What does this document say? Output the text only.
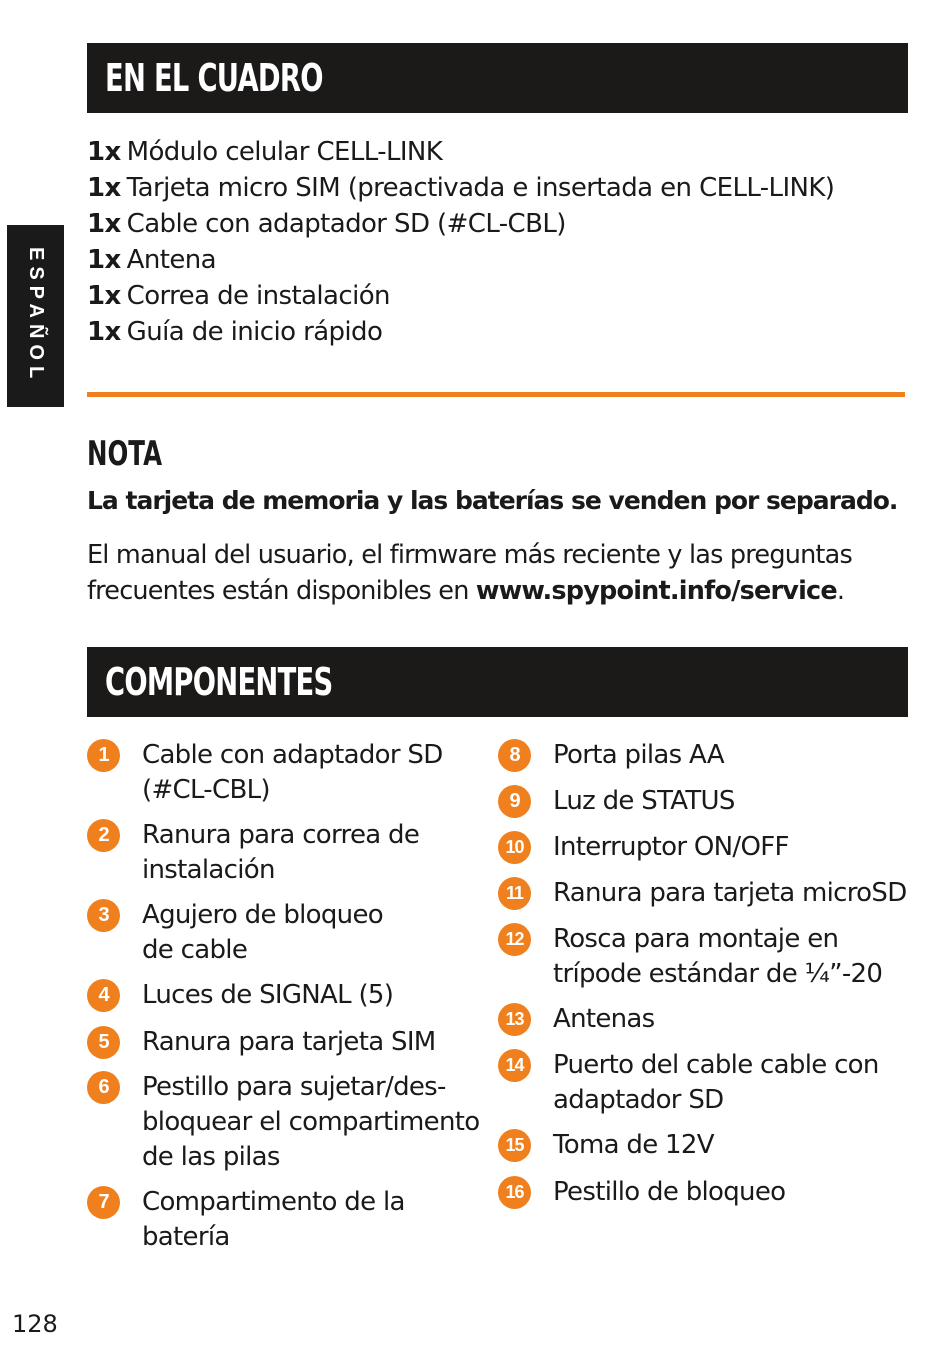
ESPAÑOL
EN EL CUADRO
1x Módulo celular CELL-LINK
1x Tarjeta micro SIM (preactivada e insertada en CELL-LINK)
1x Cable con adaptador SD (#CL-CBL)
1x Antena
1x Correa de instalación
1x Guía de inicio rápido
NOTA

La tarjeta de memoria y las baterías se venden por separado.

El manual del usuario, el firmware más reciente y las preguntas frecuentes están disponibles en www.spypoint.info/service.

COMPONENTES
1	Cable con adaptador SD
(#CL-CBL)
2	Ranura para correa de
instalación
3	Agujero de bloqueo
de cable
4	Luces de SIGNAL (5)
5	Ranura para tarjeta SIM
6	Pestillo para sujetar/des-
bloquear el compartimento
de las pilas
7	Compartimento de la
batería
8	Porta pilas AA
9	Luz de STATUS
10 Interruptor ON/OFF
11	Ranura para tarjeta microSD
12 Rosca para montaje en
trípode estándar de ¼”-20
13 Antenas
14 Puerto del cable cable con
adaptador SD
15 Toma de 12V
16 Pestillo de bloqueo
128
